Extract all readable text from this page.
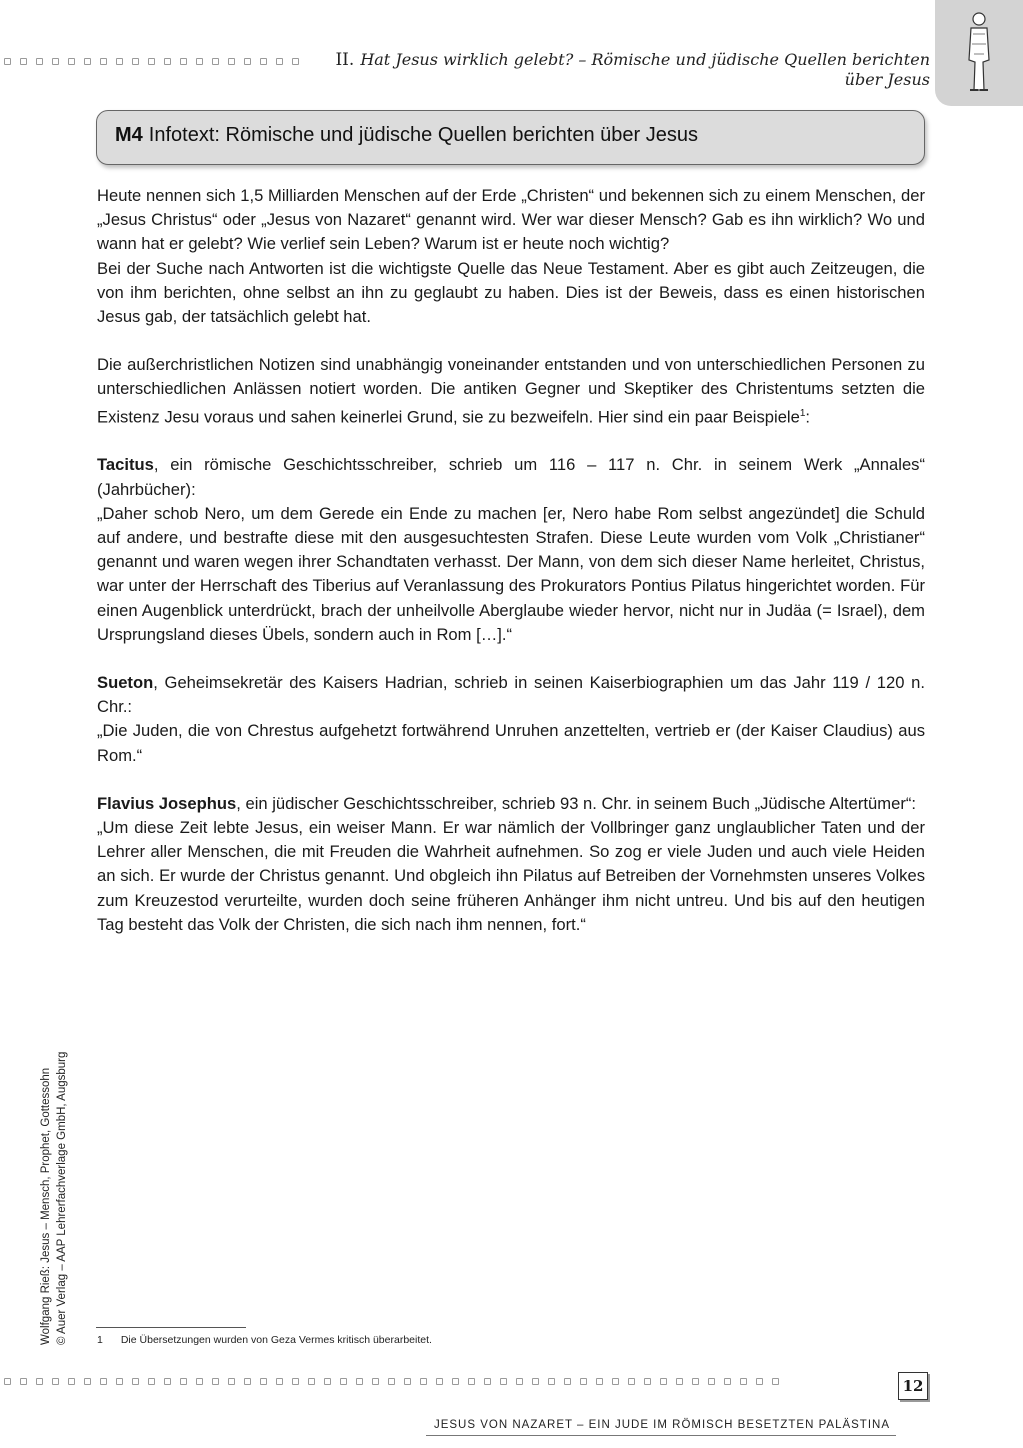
II. Hat Jesus wirklich gelebt? – Römische und jüdische Quellen berichten über Jesus
M4 Infotext: Römische und jüdische Quellen berichten über Jesus

Heute nennen sich 1,5 Milliarden Menschen auf der Erde „Christen“ und bekennen sich zu einem Menschen, der „Jesus Christus“ oder „Jesus von Nazaret“ genannt wird. Wer war dieser Mensch? Gab es ihn wirklich? Wo und wann hat er gelebt? Wie verlief sein Leben? Warum ist er heute noch wichtig?

Bei der Suche nach Antworten ist die wichtigste Quelle das Neue Testament. Aber es gibt auch Zeitzeugen, die von ihm berichten, ohne selbst an ihn zu geglaubt zu haben. Dies ist der Beweis, dass es einen historischen Jesus gab, der tatsächlich gelebt hat.

Die außerchristlichen Notizen sind unabhängig voneinander entstanden und von unterschiedlichen Personen zu unterschiedlichen Anlässen notiert worden. Die antiken Gegner und Skeptiker des Christentums setzten die Existenz Jesu voraus und sahen keinerlei Grund, sie zu bezweifeln. Hier sind ein paar Beispiele$^1$:

Tacitus, ein römische Geschichtsschreiber, schrieb um 116 – 117 n. Chr. in seinem Werk „Annales“ (Jahrbücher):
„Daher schob Nero, um dem Gerede ein Ende zu machen [er, Nero habe Rom selbst angezündet] die Schuld auf andere, und bestrafte diese mit den ausgesuchtesten Strafen. Diese Leute wurden vom Volk „Christianer“ genannt und waren wegen ihrer Schandtaten verhasst. Der Mann, von dem sich dieser Name herleitet, Christus, war unter der Herrschaft des Tiberius auf Veranlassung des Prokurators Pontius Pilatus hingerichtet worden. Für einen Augenblick unterdrückt, brach der unheilvolle Aberglaube wieder hervor, nicht nur in Judäa (= Israel), dem Ursprungsland dieses Übels, sondern auch in Rom […].“

Sueton, Geheimsekretär des Kaisers Hadrian, schrieb in seinen Kaiserbiographien um das Jahr 119 / 120 n. Chr.:
„Die Juden, die von Chrestus aufgehetzt fortwährend Unruhen anzettelten, vertrieb er (der Kaiser Claudius) aus Rom.“

Flavius Josephus, ein jüdischer Geschichtsschreiber, schrieb 93 n. Chr. in seinem Buch „Jüdische Altertümer“:
„Um diese Zeit lebte Jesus, ein weiser Mann. Er war nämlich der Vollbringer ganz unglaublicher Taten und der Lehrer aller Menschen, die mit Freuden die Wahrheit aufnehmen. So zog er viele Juden und auch viele Heiden an sich. Er wurde der Christus genannt. Und obgleich ihn Pilatus auf Betreiben der Vornehmsten unseres Volkes zum Kreuzestod verurteilte, wurden doch seine früheren Anhänger ihm nicht untreu. Und bis auf den heutigen Tag besteht das Volk der Christen, die sich nach ihm nennen, fort.“

Wolfgang Rieß: Jesus – Mensch, Prophet, Gottessohn © Auer Verlag – AAP Lehrerfachverlage GmbH, Augsburg	1 Die Übersetzungen wurden von Geza Vermes kritisch überarbeitet.
12
JESUS VON NAZARET – EIN JUDE IM RÖMISCH BESETZTEN PALÄSTINA
